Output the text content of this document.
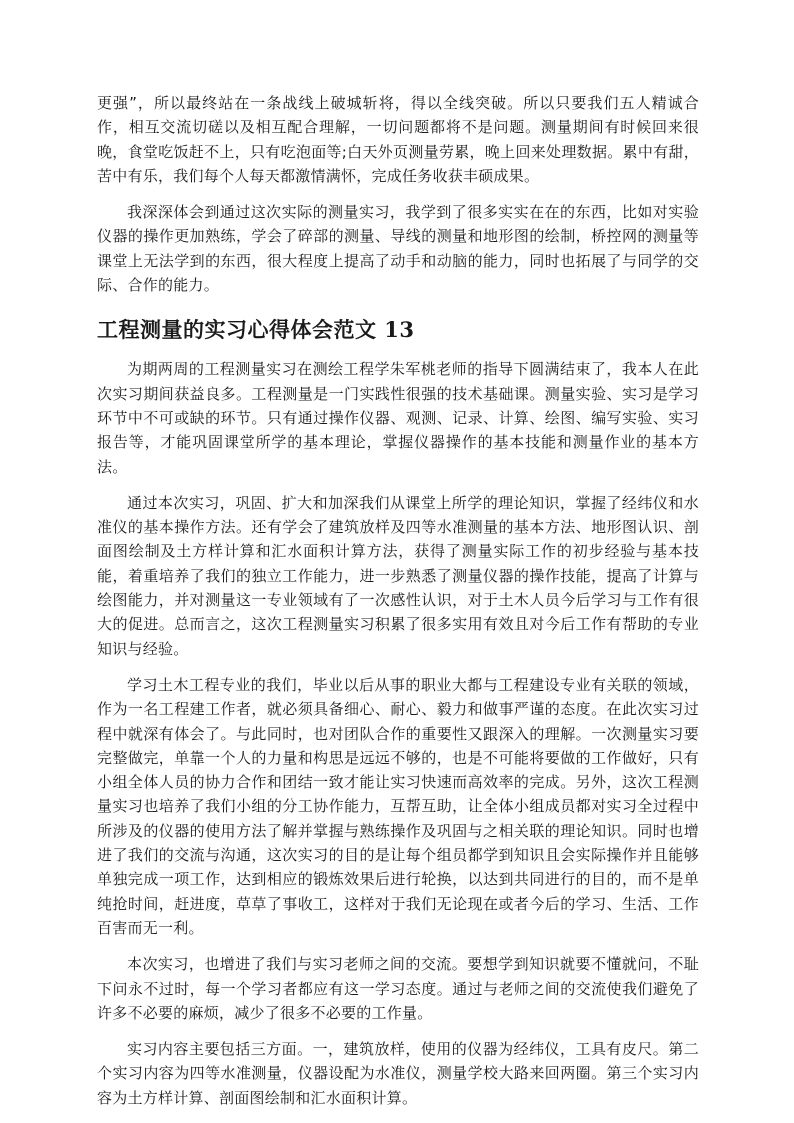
更强”，所以最终站在一条战线上破城斩将，得以全线突破。所以只要我们五人精诚合作，相互交流切磋以及相互配合理解，一切问题都将不是问题。测量期间有时候回来很晚，食堂吃饭赶不上，只有吃泡面等;白天外页测量劳累，晚上回来处理数据。累中有甜，苦中有乐，我们每个人每天都激情满怀，完成任务收获丰硕成果。

我深深体会到通过这次实际的测量实习，我学到了很多实实在在的东西，比如对实验仪器的操作更加熟练，学会了碎部的测量、导线的测量和地形图的绘制，桥控网的测量等课堂上无法学到的东西，很大程度上提高了动手和动脑的能力，同时也拓展了与同学的交际、合作的能力。

工程测量的实习心得体会范文 13

为期两周的工程测量实习在测绘工程学朱军桃老师的指导下圆满结束了，我本人在此次实习期间获益良多。工程测量是一门实践性很强的技术基础课。测量实验、实习是学习环节中不可或缺的环节。只有通过操作仪器、观测、记录、计算、绘图、编写实验、实习报告等，才能巩固课堂所学的基本理论，掌握仪器操作的基本技能和测量作业的基本方法。

通过本次实习，巩固、扩大和加深我们从课堂上所学的理论知识，掌握了经纬仪和水准仪的基本操作方法。还有学会了建筑放样及四等水准测量的基本方法、地形图认识、剖面图绘制及土方样计算和汇水面积计算方法，获得了测量实际工作的初步经验与基本技能，着重培养了我们的独立工作能力，进一步熟悉了测量仪器的操作技能，提高了计算与绘图能力，并对测量这一专业领域有了一次感性认识，对于土木人员今后学习与工作有很大的促进。总而言之，这次工程测量实习积累了很多实用有效且对今后工作有帮助的专业知识与经验。

学习土木工程专业的我们，毕业以后从事的职业大都与工程建设专业有关联的领域，作为一名工程建工作者，就必须具备细心、耐心、毅力和做事严谨的态度。在此次实习过程中就深有体会了。与此同时，也对团队合作的重要性又跟深入的理解。一次测量实习要完整做完，单靠一个人的力量和构思是远远不够的，也是不可能将要做的工作做好，只有小组全体人员的协力合作和团结一致才能让实习快速而高效率的完成。另外，这次工程测量实习也培养了我们小组的分工协作能力，互帮互助，让全体小组成员都对实习全过程中所涉及的仪器的使用方法了解并掌握与熟练操作及巩固与之相关联的理论知识。同时也增进了我们的交流与沟通，这次实习的目的是让每个组员都学到知识且会实际操作并且能够单独完成一项工作，达到相应的锻炼效果后进行轮换，以达到共同进行的目的，而不是单纯抢时间，赶进度，草草了事收工，这样对于我们无论现在或者今后的学习、生活、工作百害而无一利。

本次实习，也增进了我们与实习老师之间的交流。要想学到知识就要不懂就问，不耻下问永不过时，每一个学习者都应有这一学习态度。通过与老师之间的交流使我们避免了许多不必要的麻烦，减少了很多不必要的工作量。

实习内容主要包括三方面。一，建筑放样，使用的仪器为经纬仪，工具有皮尺。第二个实习内容为四等水准测量，仪器设配为水准仪，测量学校大路来回两圈。第三个实习内容为土方样计算、剖面图绘制和汇水面积计算。
